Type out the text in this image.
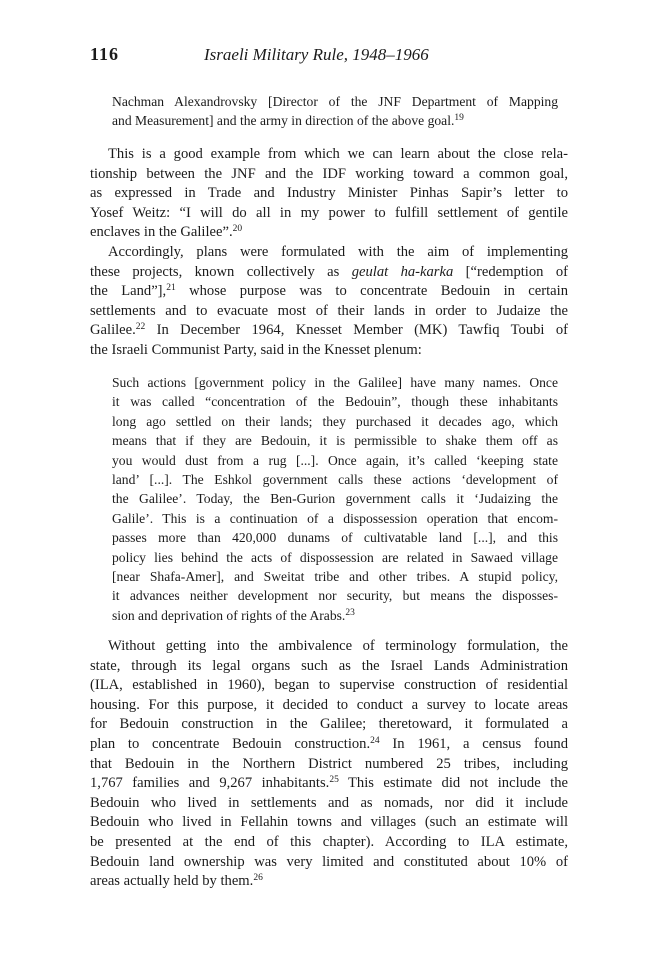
116	Israeli Military Rule, 1948–1966
Nachman Alexandrovsky [Director of the JNF Department of Mapping
and Measurement] and the army in direction of the above goal.$^{19}$
This is a good example from which we can learn about the close rela-
tionship between the JNF and the IDF working toward a common goal,
as expressed in Trade and Industry Minister Pinhas Sapir’s letter to
Yosef Weitz: “I will do all in my power to fulfill settlement of gentile
enclaves in the Galilee”.$^{20}$
Accordingly, plans were formulated with the aim of implementing
these projects, known collectively as geulat ha-karka [“redemption of
the Land”],$^{21}$ whose purpose was to concentrate Bedouin in certain
settlements and to evacuate most of their lands in order to Judaize the
Galilee.$^{22}$ In December 1964, Knesset Member (MK) Tawfiq Toubi of
the Israeli Communist Party, said in the Knesset plenum:
Such actions [government policy in the Galilee] have many names. Once
it was called “concentration of the Bedouin”, though these inhabitants
long ago settled on their lands; they purchased it decades ago, which
means that if they are Bedouin, it is permissible to shake them off as
you would dust from a rug [...]. Once again, it’s called ‘keeping state
land’ [...]. The Eshkol government calls these actions ‘development of
the Galilee’. Today, the Ben-Gurion government calls it ‘Judaizing the
Galile’. This is a continuation of a dispossession operation that encom-
passes more than 420,000 dunams of cultivatable land [...], and this
policy lies behind the acts of dispossession are related in Sawaed village
[near Shafa-Amer], and Sweitat tribe and other tribes. A stupid policy,
it advances neither development nor security, but means the disposses-
sion and deprivation of rights of the Arabs.$^{23}$
Without getting into the ambivalence of terminology formulation, the
state, through its legal organs such as the Israel Lands Administration
(ILA, established in 1960), began to supervise construction of residential
housing. For this purpose, it decided to conduct a survey to locate areas
for Bedouin construction in the Galilee; theretoward, it formulated a
plan to concentrate Bedouin construction.$^{24}$ In 1961, a census found
that Bedouin in the Northern District numbered 25 tribes, including
1,767 families and 9,267 inhabitants.$^{25}$ This estimate did not include the
Bedouin who lived in settlements and as nomads, nor did it include
Bedouin who lived in Fellahin towns and villages (such an estimate will
be presented at the end of this chapter). According to ILA estimate,
Bedouin land ownership was very limited and constituted about 10% of
areas actually held by them.$^{26}$
